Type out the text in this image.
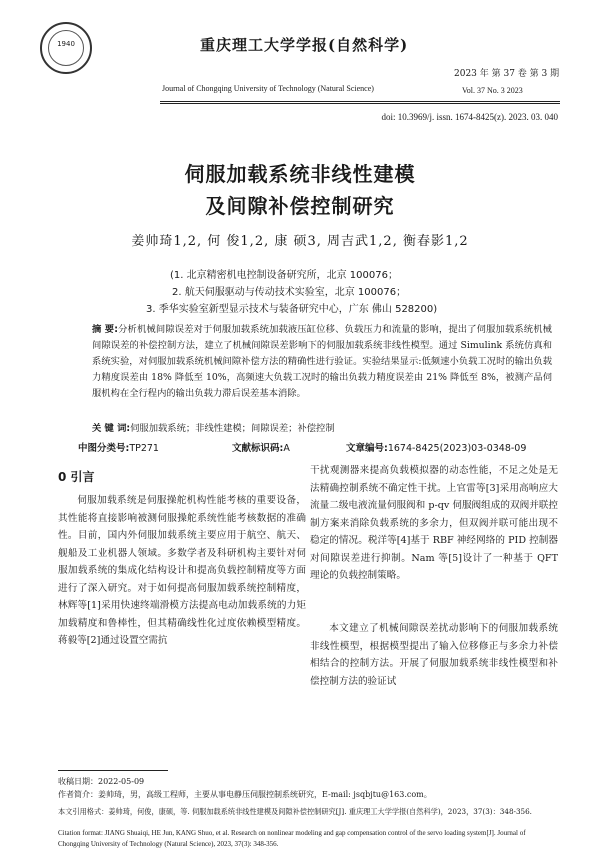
1940	重庆理工大学学报(自然科学)
Journal of Chongqing University of Technology (Natural Science)
2023 年 第 37 卷 第 3 期
Vol. 37 No. 3 2023
doi: 10.3969/j. issn. 1674-8425(z). 2023. 03. 040
伺服加载系统非线性建模
及间隙补偿控制研究
姜帅琦1,2, 何 俊1,2, 康 硕3, 周吉武1,2, 衡春影1,2
(1. 北京精密机电控制设备研究所，北京 100076；
2. 航天伺服驱动与传动技术实验室，北京 100076；
3. 季华实验室新型显示技术与装备研究中心，广东 佛山 528200)
摘 要:分析机械间隙误差对于伺服加载系统加载液压缸位移、负载压力和流量的影响，提出了伺服加载系统机械间隙误差的补偿控制方法，建立了机械间隙误差影响下的伺服加载系统非线性模型。通过 Simulink 系统仿真和系统实验，对伺服加载系统机械间隙补偿方法的精确性进行验证。实验结果显示:低频速小负载工况时的输出负载力精度误差由 18% 降低至 10%，高频速大负载工况时的输出负载力精度误差由 21% 降低至 8%，被测产品伺服机构在全行程内的输出负载力滞后误差基本消除。
关 键 词:伺服加载系统；非线性建模；间隙误差；补偿控制
中图分类号:TP271	文献标识码:A	文章编号:1674-8425(2023)03-0348-09
0 引言
伺服加载系统是伺服操舵机构性能考核的重要设备，其性能将直接影响被测伺服操舵系统性能考核数据的准确性。目前，国内外伺服加载系统主要应用于航空、航天、舰船及工业机器人领域。多数学者及科研机构主要针对伺服加载系统的集成化结构设计和提高负载控制精度等方面进行了深入研究。对于如何提高伺服加载系统控制精度，林辉等[1]采用快速终端滑模方法提高电动加载系统的力矩加载精度和鲁棒性，但其精确线性化过度依赖模型精度。蒋毅等[2]通过设置空需抗
干扰观测器来提高负载模拟器的动态性能，不足之处是无法精确控制系统不确定性干扰。上官雷等[3]采用高响应大流量二级电液流量伺服阀和 p-qv 伺服阀组成的双阀并联控制方案来消除负载系统的多余力，但双阀并联可能出现不稳定的情况。税洋等[4]基于 RBF 神经网络的 PID 控制器对间隙误差进行抑制。Nam 等[5]设计了一种基于 QFT 理论的负载控制策略。
本文建立了机械间隙误差扰动影响下的伺服加载系统非线性模型，根据模型提出了输入位移修正与多余力补偿相结合的控制方法。开展了伺服加载系统非线性模型和补偿控制方法的验证试
收稿日期：2022-05-09
作者简介：姜帅琦，男，高级工程师，主要从事电静压伺服控制系统研究，E-mail: jsqbjtu@163.com。
本文引用格式：姜帅琦，何俊，康硕，等. 伺服加载系统非线性建模及间隙补偿控制研究[J]. 重庆理工大学学报(自然科学)，2023，37(3)：348-356.
Citation format: JIANG Shuaiqi, HE Jun, KANG Shuo, et al. Research on nonlinear modeling and gap compensation control of the servo loading system[J]. Journal of Chongqing University of Technology (Natural Science), 2023, 37(3): 348-356.
